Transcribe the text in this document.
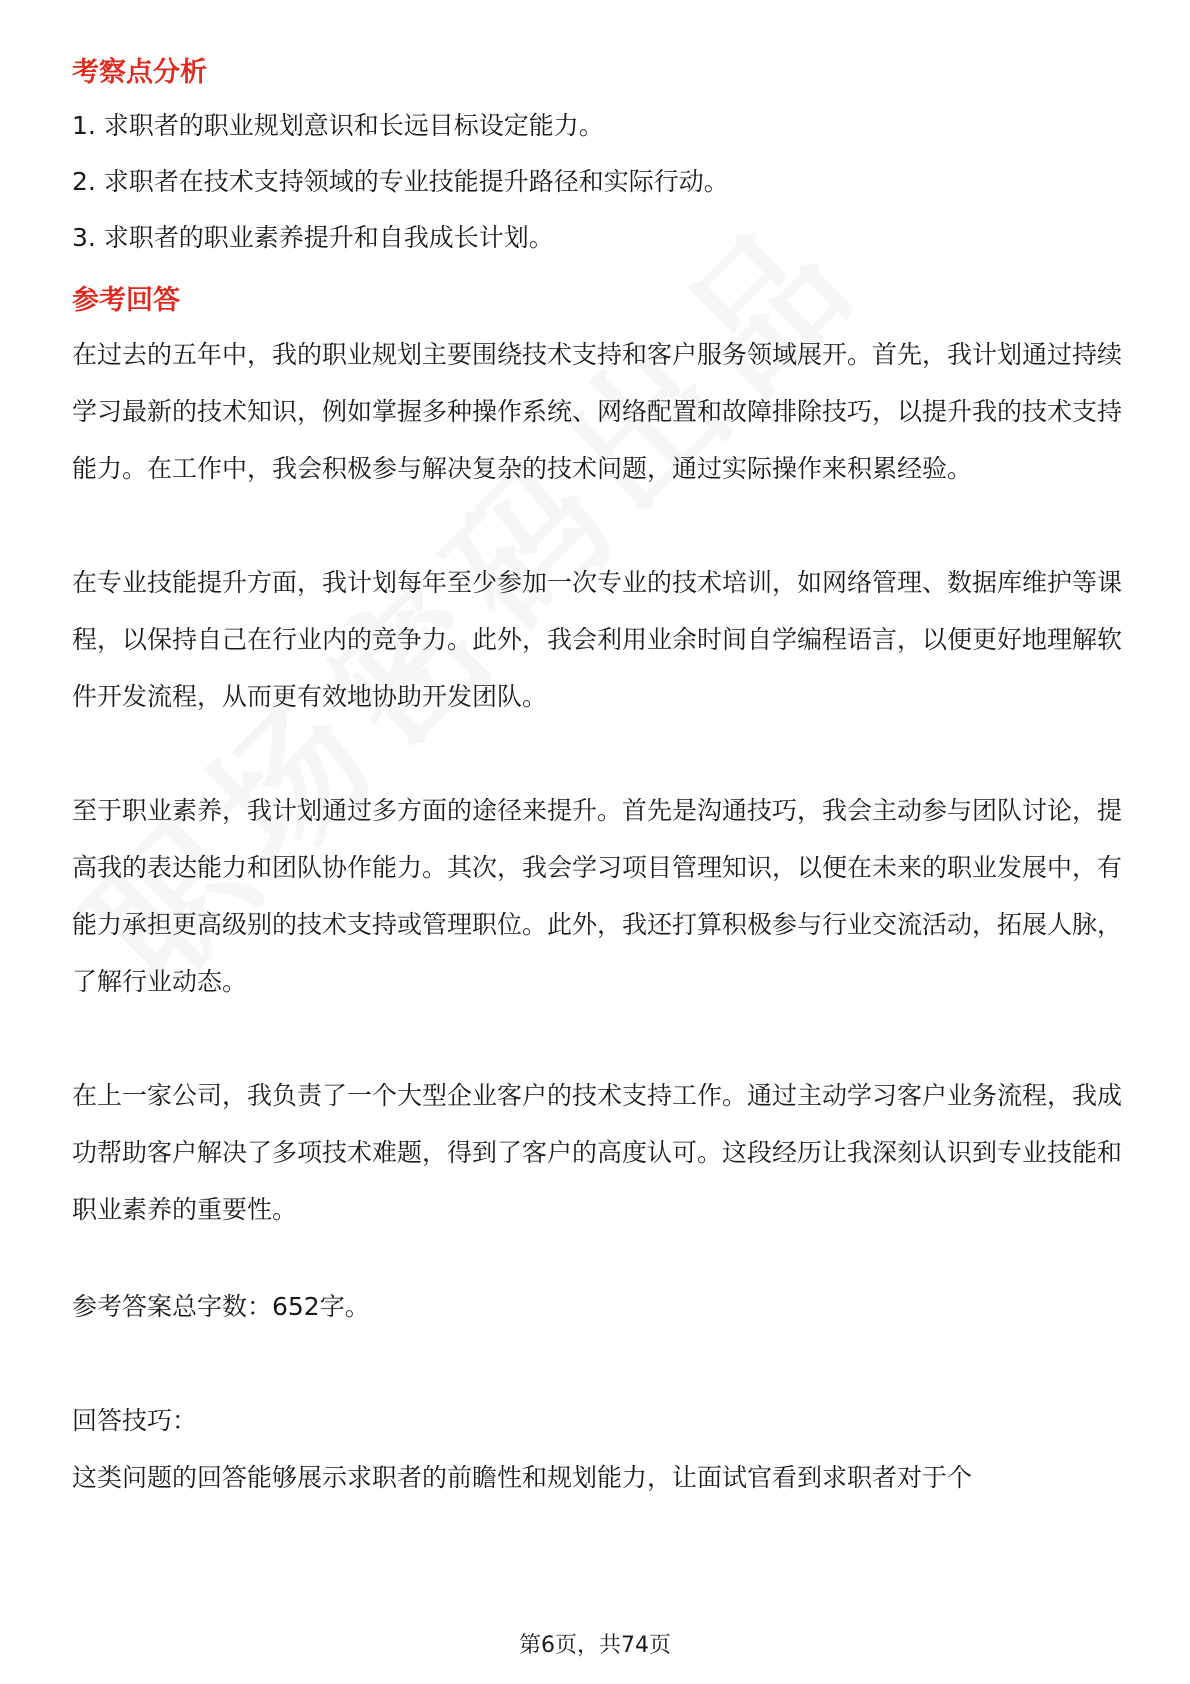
考察点分析

1. 求职者的职业规划意识和长远目标设定能力。

2. 求职者在技术支持领域的专业技能提升路径和实际行动。

3. 求职者的职业素养提升和自我成长计划。

参考回答

在过去的五年中，我的职业规划主要围绕技术支持和客户服务领域展开。首先，我计划通过持续学习最新的技术知识，例如掌握多种操作系统、网络配置和故障排除技巧，以提升我的技术支持能力。在工作中，我会积极参与解决复杂的技术问题，通过实际操作来积累经验。

在专业技能提升方面，我计划每年至少参加一次专业的技术培训，如网络管理、数据库维护等课程，以保持自己在行业内的竞争力。此外，我会利用业余时间自学编程语言，以便更好地理解软件开发流程，从而更有效地协助开发团队。

至于职业素养，我计划通过多方面的途径来提升。首先是沟通技巧，我会主动参与团队讨论，提高我的表达能力和团队协作能力。其次，我会学习项目管理知识，以便在未来的职业发展中，有能力承担更高级别的技术支持或管理职位。此外，我还打算积极参与行业交流活动，拓展人脉，了解行业动态。

在上一家公司，我负责了一个大型企业客户的技术支持工作。通过主动学习客户业务流程，我成功帮助客户解决了多项技术难题，得到了客户的高度认可。这段经历让我深刻认识到专业技能和职业素养的重要性。

参考答案总字数：652字。

回答技巧：

这类问题的回答能够展示求职者的前瞻性和规划能力，让面试官看到求职者对于个

第6页，共74页
